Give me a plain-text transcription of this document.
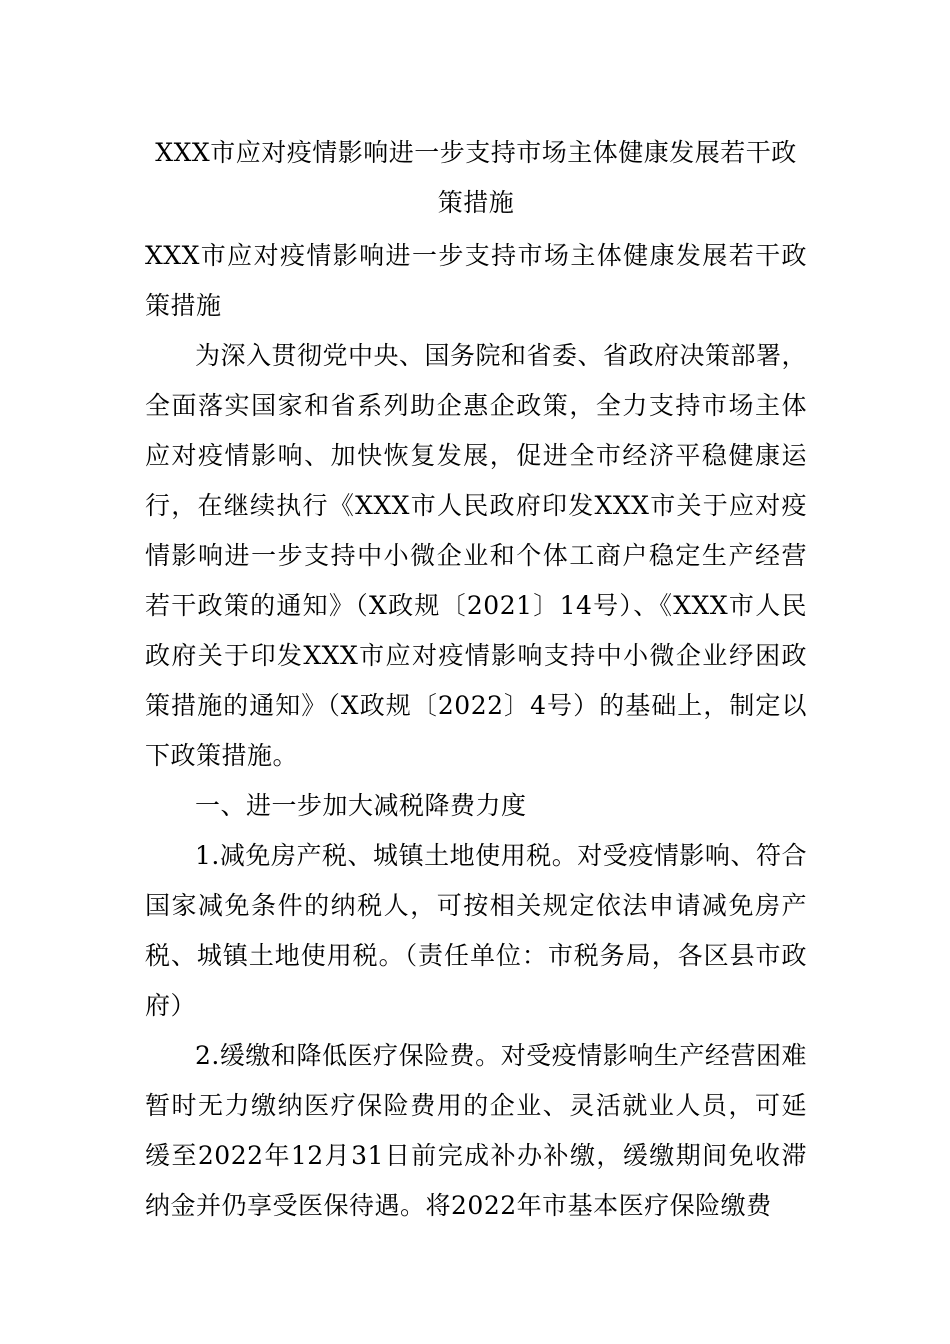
XXX市应对疫情影响进一步支持市场主体健康发展若干政策措施

XXX市应对疫情影响进一步支持市场主体健康发展若干政策措施

为深入贯彻党中央、国务院和省委、省政府决策部署，全面落实国家和省系列助企惠企政策，全力支持市场主体应对疫情影响、加快恢复发展，促进全市经济平稳健康运行，在继续执行《XXX市人民政府印发XXX市关于应对疫情影响进一步支持中小微企业和个体工商户稳定生产经营若干政策的通知》（X政规〔2021〕14号）、《XXX市人民政府关于印发XXX市应对疫情影响支持中小微企业纾困政策措施的通知》（X政规〔2022〕4号）的基础上，制定以下政策措施。

一、进一步加大减税降费力度

1.减免房产税、城镇土地使用税。对受疫情影响、符合国家减免条件的纳税人，可按相关规定依法申请减免房产税、城镇土地使用税。（责任单位：市税务局，各区县市政府）

2.缓缴和降低医疗保险费。对受疫情影响生产经营困难暂时无力缴纳医疗保险费用的企业、灵活就业人员，可延缓至2022年12月31日前完成补办补缴，缓缴期间免收滞纳金并仍享受医保待遇。将2022年市基本医疗保险缴费
